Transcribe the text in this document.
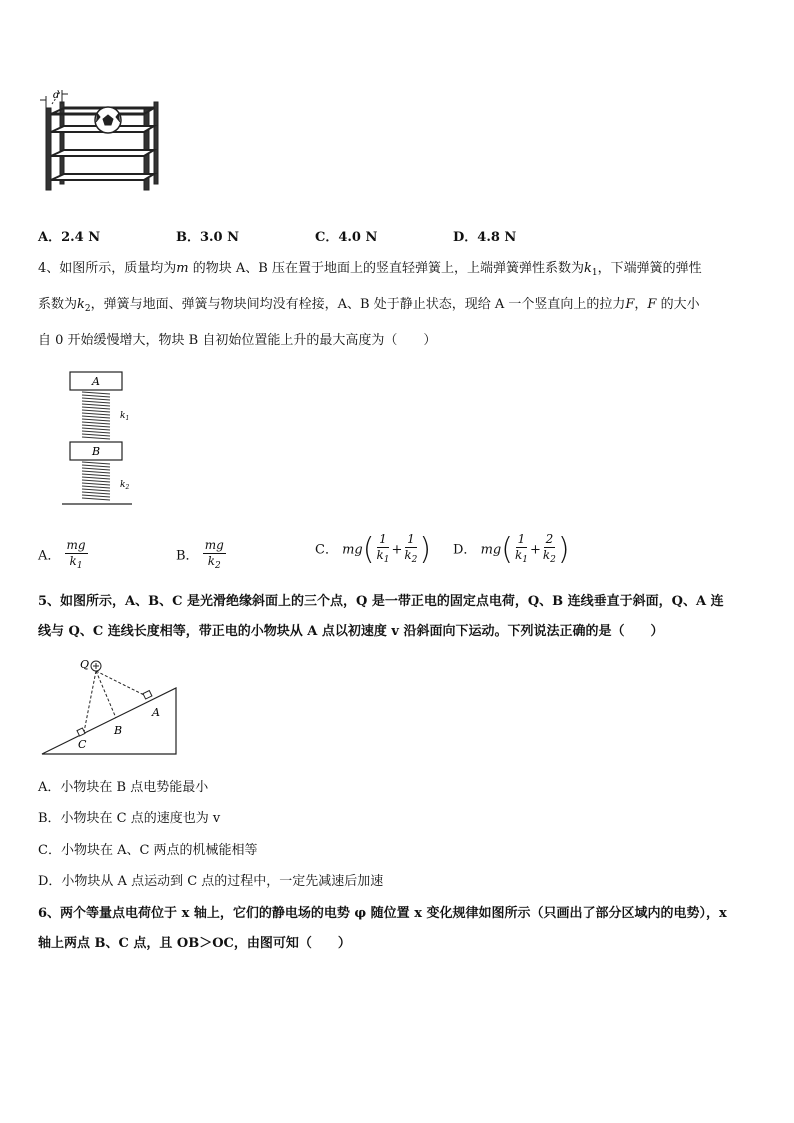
d
A．2.4 N	B．3.0 N	C．4.0 N	D．4.8 N
4、如图所示，质量均为m 的物块 A、B 压在置于地面上的竖直轻弹簧上，上端弹簧弹性系数为$k_1$，下端弹簧的弹性
系数为$k_2$，弹簧与地面、弹簧与物块间均没有栓接，A、B 处于静止状态，现给 A 一个竖直向上的拉力F，F 的大小
自 0 开始缓慢增大，物块 B 自初始位置能上升的最大高度为（　　）
A
B
$k_1$
$k_2$
A． $\frac{mg}{k_1}$	B． $\frac{mg}{k_2}$	C． $mg( \frac{1}{k_1} + \frac{1}{k_2}$ ) D． $mg( \frac{1}{k_1} + \frac{2}{k_2}$ )
5、如图所示，A、B、C 是光滑绝缘斜面上的三个点，Q 是一带正电的固定点电荷，Q、B 连线垂直于斜面，Q、A 连
线与 Q、C 连线长度相等，带正电的小物块从 A 点以初速度 v 沿斜面向下运动。下列说法正确的是（　　）
Q
A
B
C
A．小物块在 B 点电势能最小
B．小物块在 C 点的速度也为 v
C．小物块在 A、C 两点的机械能相等
D．小物块从 A 点运动到 C 点的过程中，一定先减速后加速
6、两个等量点电荷位于 x 轴上，它们的静电场的电势 φ 随位置 x 变化规律如图所示（只画出了部分区域内的电势），x
轴上两点 B、C 点，且 OB＞OC，由图可知（　　）
